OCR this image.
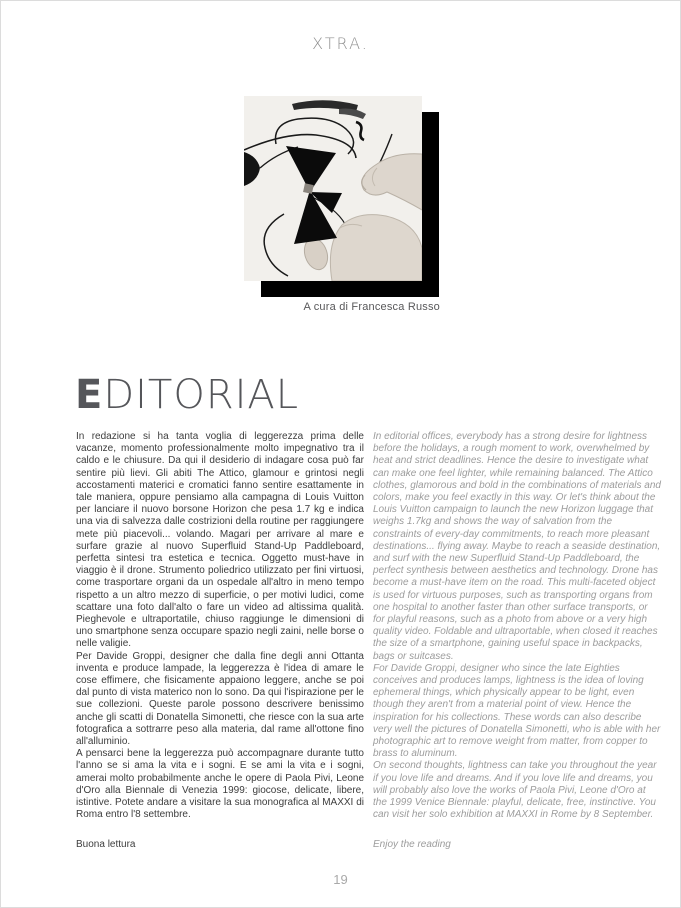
XTRA.
A cura di Francesca Russo
EDITORIAL

In redazione si ha tanta voglia di leggerezza prima delle vacanze, momento professionalmente molto impegnativo tra il caldo e le chiusure. Da qui il desiderio di indagare cosa può far sentire più lievi. Gli abiti The Attico, glamour e grintosi negli accostamenti materici e cromatici fanno sentire esattamente in tale maniera, oppure pensiamo alla campagna di Louis Vuitton per lanciare il nuovo borsone Horizon che pesa 1.7 kg e indica una via di salvezza dalle costrizioni della routine per raggiungere mete più piacevoli... volando. Magari per arrivare al mare e surfare grazie al nuovo Superfluid Stand-Up Paddleboard, perfetta sintesi tra estetica e tecnica. Oggetto must-have in viaggio è il drone. Strumento poliedrico utilizzato per fini virtuosi, come trasportare organi da un ospedale all'altro in meno tempo rispetto a un altro mezzo di superficie, o per motivi ludici, come scattare una foto dall'alto o fare un video ad altissima qualità. Pieghevole e ultraportatile, chiuso raggiunge le dimensioni di uno smartphone senza occupare spazio negli zaini, nelle borse o nelle valigie.

Per Davide Groppi, designer che dalla fine degli anni Ottanta inventa e produce lampade, la leggerezza è l'idea di amare le cose effimere, che fisicamente appaiono leggere, anche se poi dal punto di vista materico non lo sono. Da qui l'ispirazione per le sue collezioni. Queste parole possono descrivere benissimo anche gli scatti di Donatella Simonetti, che riesce con la sua arte fotografica a sottrarre peso alla materia, dal rame all'ottone fino all'alluminio.

A pensarci bene la leggerezza può accompagnare durante tutto l'anno se si ama la vita e i sogni. E se ami la vita e i sogni, amerai molto probabilmente anche le opere di Paola Pivi, Leone d'Oro alla Biennale di Venezia 1999: giocose, delicate, libere, istintive. Potete andare a visitare la sua monografica al MAXXI di Roma entro l'8 settembre.

Buona lettura

In editorial offices, everybody has a strong desire for lightness before the holidays, a rough moment to work, overwhelmed by heat and strict deadlines. Hence the desire to investigate what can make one feel lighter, while remaining balanced. The Attico clothes, glamorous and bold in the combinations of materials and colors, make you feel exactly in this way. Or let's think about the Louis Vuitton campaign to launch the new Horizon luggage that weighs 1.7kg and shows the way of salvation from the constraints of every-day commitments, to reach more pleasant destinations... flying away. Maybe to reach a seaside destination, and surf with the new Superfluid Stand-Up Paddleboard, the perfect synthesis between aesthetics and technology. Drone has become a must-have item on the road. This multi-faceted object is used for virtuous purposes, such as transporting organs from one hospital to another faster than other surface transports, or for playful reasons, such as a photo from above or a very high quality video. Foldable and ultraportable, when closed it reaches the size of a smartphone, gaining useful space in backpacks, bags or suitcases.

For Davide Groppi, designer who since the late Eighties conceives and produces lamps, lightness is the idea of loving ephemeral things, which physically appear to be light, even though they aren't from a material point of view. Hence the inspiration for his collections. These words can also describe very well the pictures of Donatella Simonetti, who is able with her photographic art to remove weight from matter, from copper to brass to aluminum.

On second thoughts, lightness can take you throughout the year if you love life and dreams. And if you love life and dreams, you will probably also love the works of Paola Pivi, Leone d'Oro at the 1999 Venice Biennale: playful, delicate, free, instinctive. You can visit her solo exhibition at MAXXI in Rome by 8 September.

Enjoy the reading

19
